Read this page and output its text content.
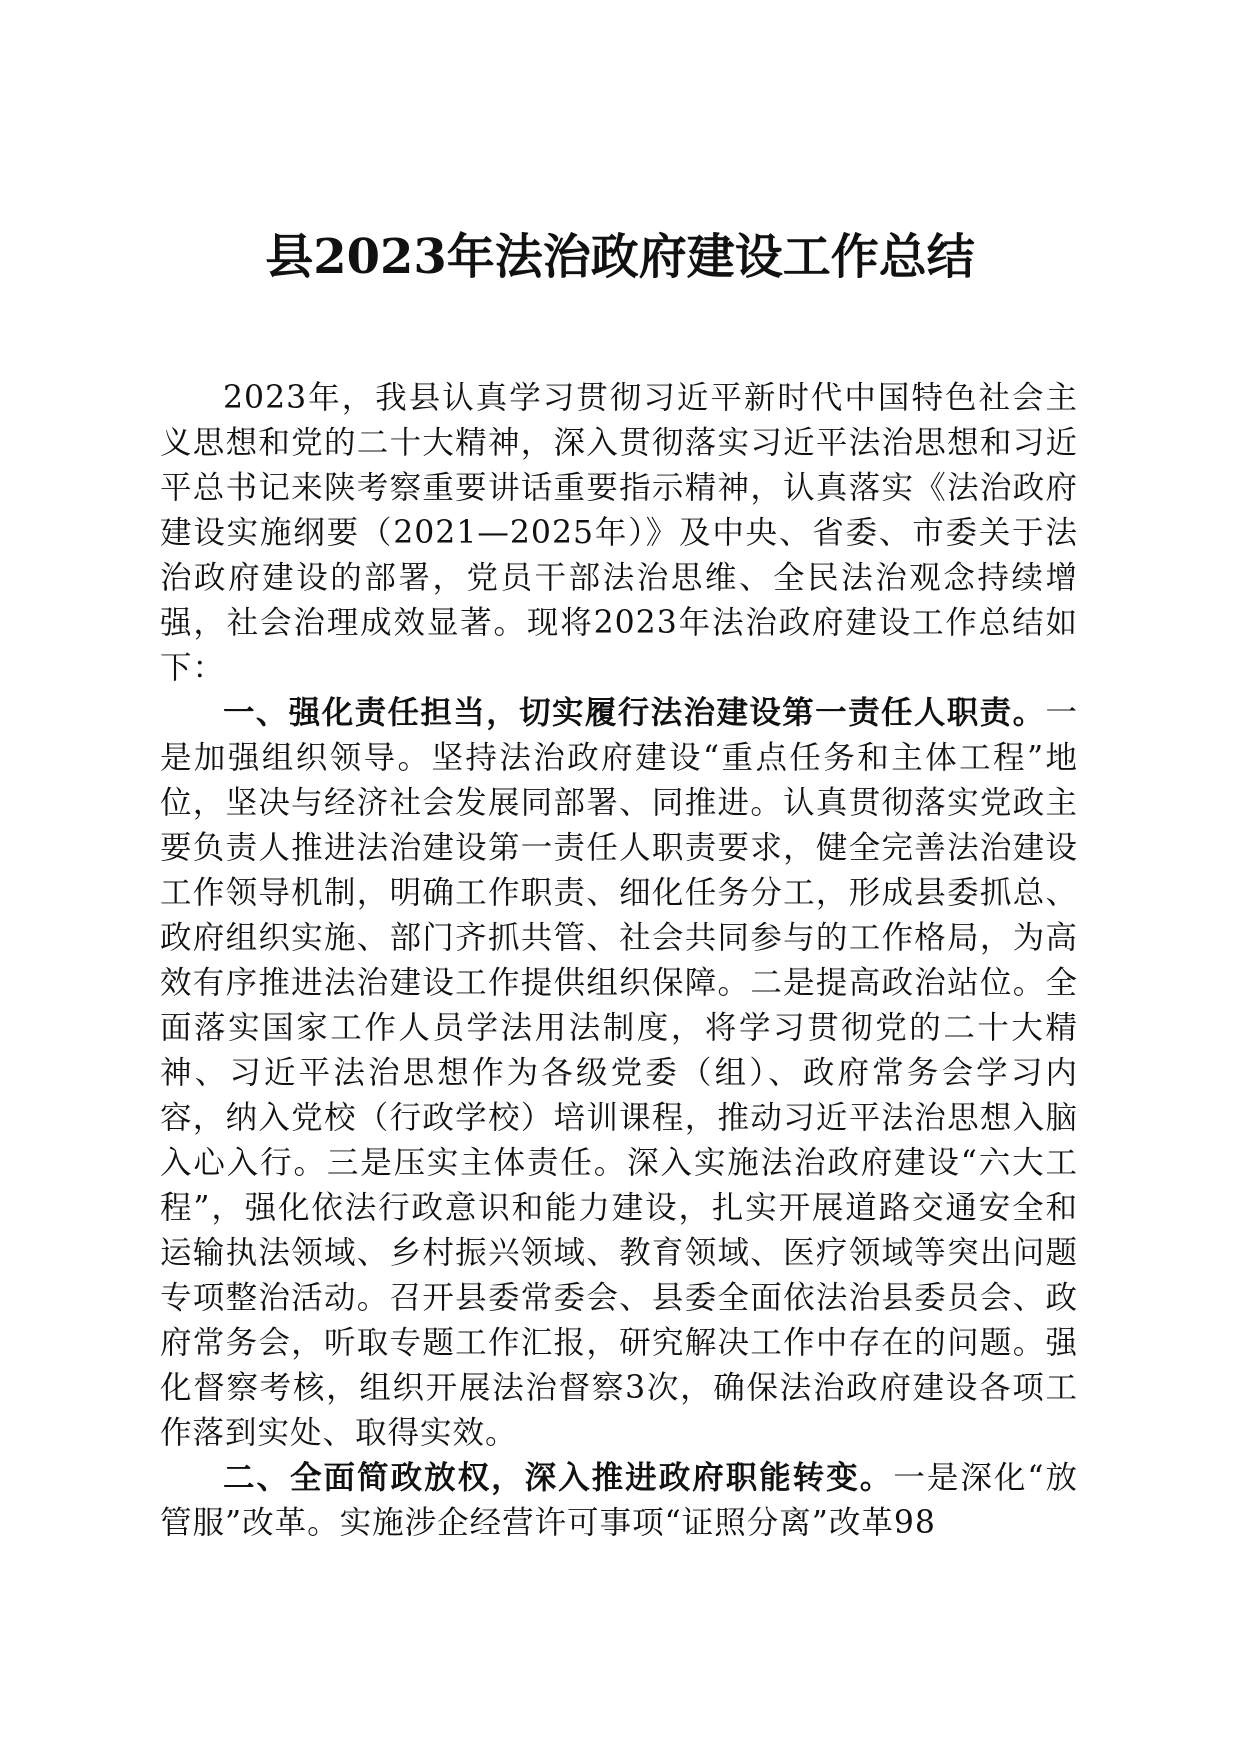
县2023年法治政府建设工作总结

2023年，我县认真学习贯彻习近平新时代中国特色社会主义思想和党的二十大精神，深入贯彻落实习近平法治思想和习近平总书记来陕考察重要讲话重要指示精神，认真落实《法治政府建设实施纲要（2021—2025年）》及中央、省委、市委关于法治政府建设的部署，党员干部法治思维、全民法治观念持续增强，社会治理成效显著。现将2023年法治政府建设工作总结如下：

一、强化责任担当，切实履行法治建设第一责任人职责。一是加强组织领导。坚持法治政府建设“重点任务和主体工程”地位，坚决与经济社会发展同部署、同推进。认真贯彻落实党政主要负责人推进法治建设第一责任人职责要求，健全完善法治建设工作领导机制，明确工作职责、细化任务分工，形成县委抓总、政府组织实施、部门齐抓共管、社会共同参与的工作格局，为高效有序推进法治建设工作提供组织保障。二是提高政治站位。全面落实国家工作人员学法用法制度，将学习贯彻党的二十大精神、习近平法治思想作为各级党委（组）、政府常务会学习内容，纳入党校（行政学校）培训课程，推动习近平法治思想入脑入心入行。三是压实主体责任。深入实施法治政府建设“六大工程”，强化依法行政意识和能力建设，扎实开展道路交通安全和运输执法领域、乡村振兴领域、教育领域、医疗领域等突出问题专项整治活动。召开县委常委会、县委全面依法治县委员会、政府常务会，听取专题工作汇报，研究解决工作中存在的问题。强化督察考核，组织开展法治督察3次，确保法治政府建设各项工作落到实处、取得实效。

二、全面简政放权，深入推进政府职能转变。一是深化“放管服”改革。实施涉企经营许可事项“证照分离”改革98
